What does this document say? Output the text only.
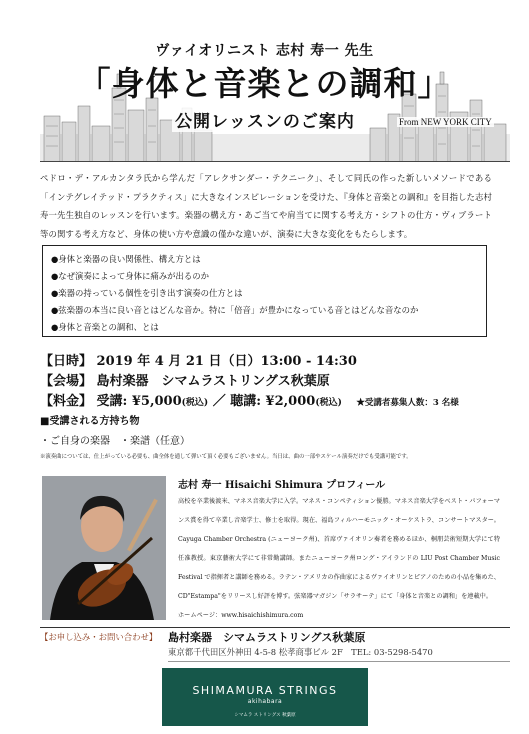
ヴァイオリニスト 志村 寿一 先生
「身体と音楽との調和」
公開レッスンのご案内	From NEW YORK CITY
ペドロ・デ・アルカンタラ氏から学んだ「アレクサンダー・テクニーク」、そして同氏の作った新しいメソードである「インテグレイテッド・プラクティス」に大きなインスピレーションを受けた、『身体と音楽との調和』を目指した志村寿一先生独自のレッスンを行います。楽器の構え方・あご当てや肩当てに関する考え方・シフトの仕方・ヴィブラート等の関する考え方など、身体の使い方や意識の僅かな違いが、演奏に大きな変化をもたらします。
●身体と楽器の良い関係性、構え方とは
●なぜ演奏によって身体に痛みが出るのか
●楽器の持っている個性を引き出す演奏の仕方とは
●弦楽器の本当に良い音とはどんな音か。特に「倍音」が豊かになっている音とはどんな音なのか
●身体と音楽との調和、とは
【日時】 2019 年 4 月 21 日（日）13:00 - 14:30
【会場】 島村楽器　シマムラストリングス秋葉原
【料金】 受講: ¥5,000(税込) ／ 聴講: ¥2,000(税込) ★受講者募集人数：3 名様
■受講される方持ち物
・ご自身の楽器　・楽譜（任意）
※演奏曲については、仕上がっている必要も、曲全体を通して弾いて頂く必要もございません。当日は、曲の一部やスケール演奏だけでも受講可能です。
志村 寿一 Hisaichi Shimura プロフィール
高校を卒業後渡米、マネス音楽大学に入学。マネス・コンペティション優勝。マネス音楽大学をベスト・パフォーマンス賞を得て卒業し音楽学士、修士を取得。現在、福島フィルハーモニック・オーケストラ、コンサートマスター。Cayuga Chamber Orchestra (ニューヨーク州)、首席ヴァイオリン奏者を務めるほか、桐朋芸術短期大学にて特任准教授。東京藝術大学にて非常勤講師。またニューヨーク州ロング・アイランドの LIU Post Chamber Music Festival で指揮者と講師を務める。ラテン・アメリカの作曲家によるヴァイオリンとピアノのための小品を集めた、CD"Estampa"をリリースし好評を博す。弦楽器マガジン「サラサーテ」にて「身体と音楽との調和」を連載中。
ホームページ：www.hisaichishimura.com
【お申し込み・お問い合わせ】 島村楽器　シマムラストリングス秋葉原
東京都千代田区外神田 4-5-8 松孝商事ビル 2F　TEL: 03-5298-5470
SHIMAMURA STRINGS
akihabara
シマムラ ストリングス 秋葉原
